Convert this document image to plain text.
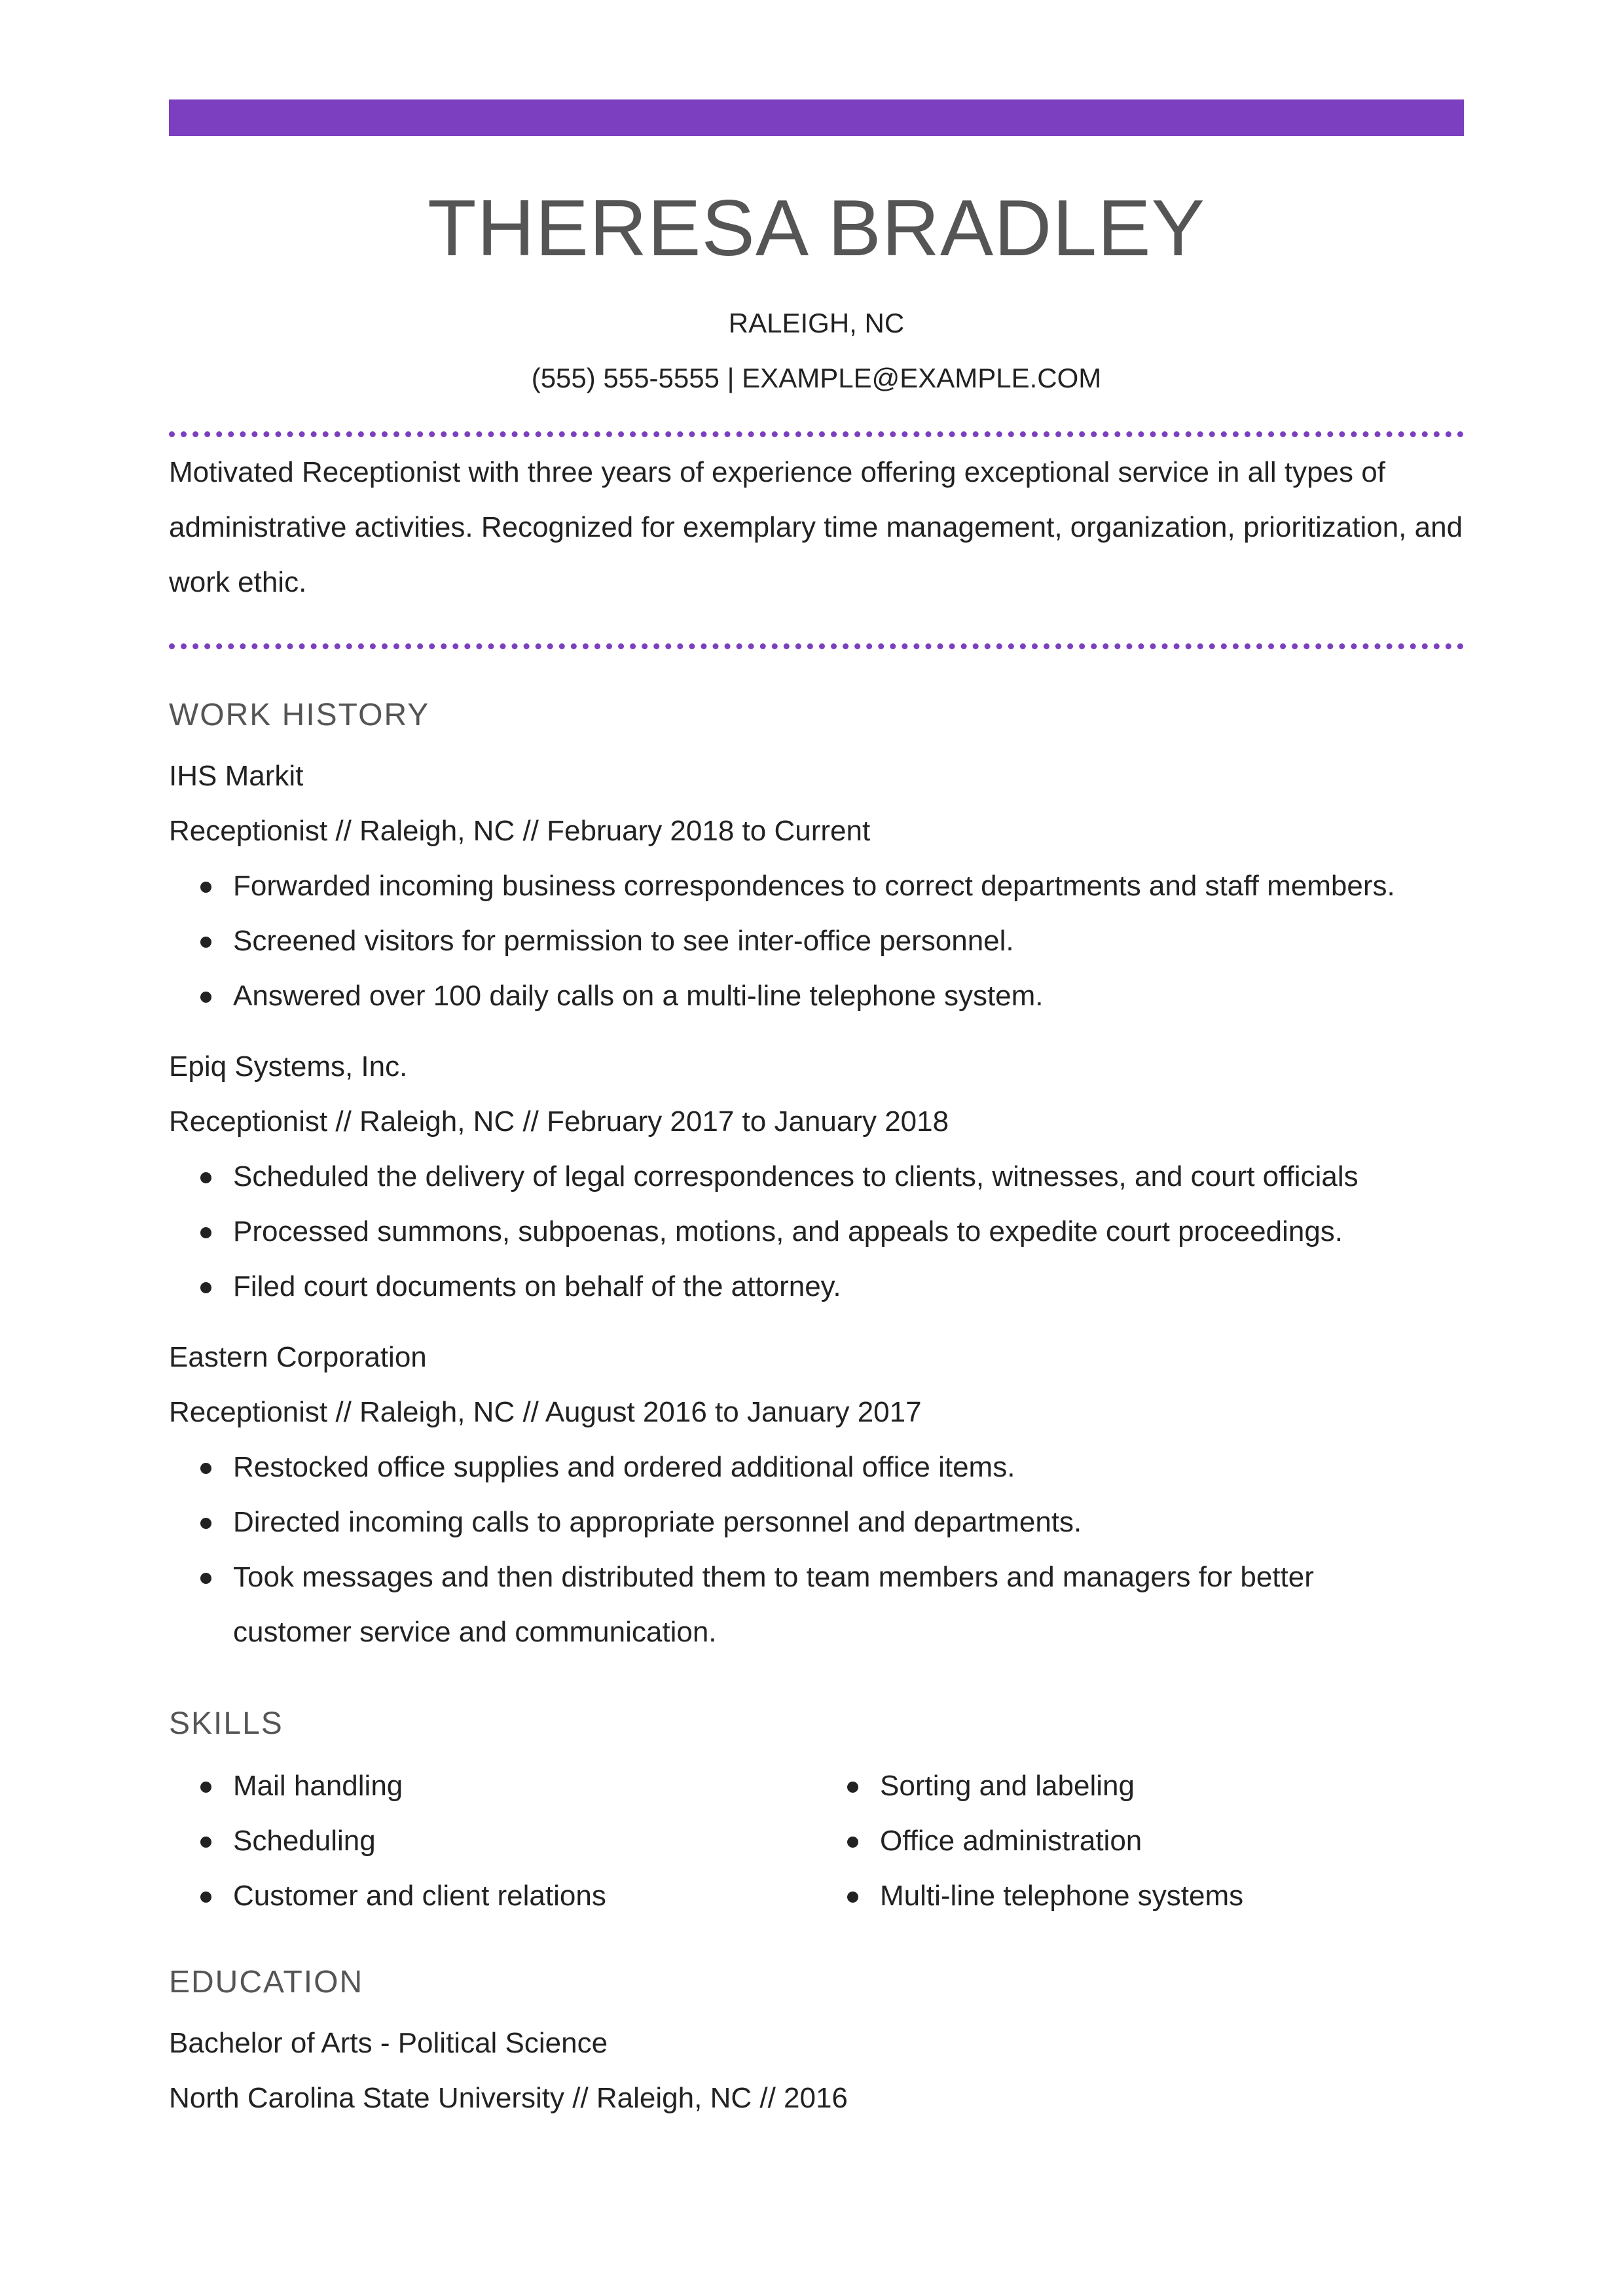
THERESA BRADLEY
RALEIGH, NC
(555) 555-5555 | EXAMPLE@EXAMPLE.COM
Motivated Receptionist with three years of experience offering exceptional service in all types of administrative activities. Recognized for exemplary time management, organization, prioritization, and work ethic.
WORK HISTORY
IHS Markit
Receptionist // Raleigh, NC // February 2018 to Current
Forwarded incoming business correspondences to correct departments and staff members.
Screened visitors for permission to see inter-office personnel.
Answered over 100 daily calls on a multi-line telephone system.
Epiq Systems, Inc.
Receptionist // Raleigh, NC // February 2017 to January 2018
Scheduled the delivery of legal correspondences to clients, witnesses, and court officials
Processed summons, subpoenas, motions, and appeals to expedite court proceedings.
Filed court documents on behalf of the attorney.
Eastern Corporation
Receptionist // Raleigh, NC // August 2016 to January 2017
Restocked office supplies and ordered additional office items.
Directed incoming calls to appropriate personnel and departments.
Took messages and then distributed them to team members and managers for better customer service and communication.
SKILLS
Mail handling
Scheduling
Customer and client relations
Sorting and labeling
Office administration
Multi-line telephone systems
EDUCATION
Bachelor of Arts - Political Science
North Carolina State University // Raleigh, NC // 2016
